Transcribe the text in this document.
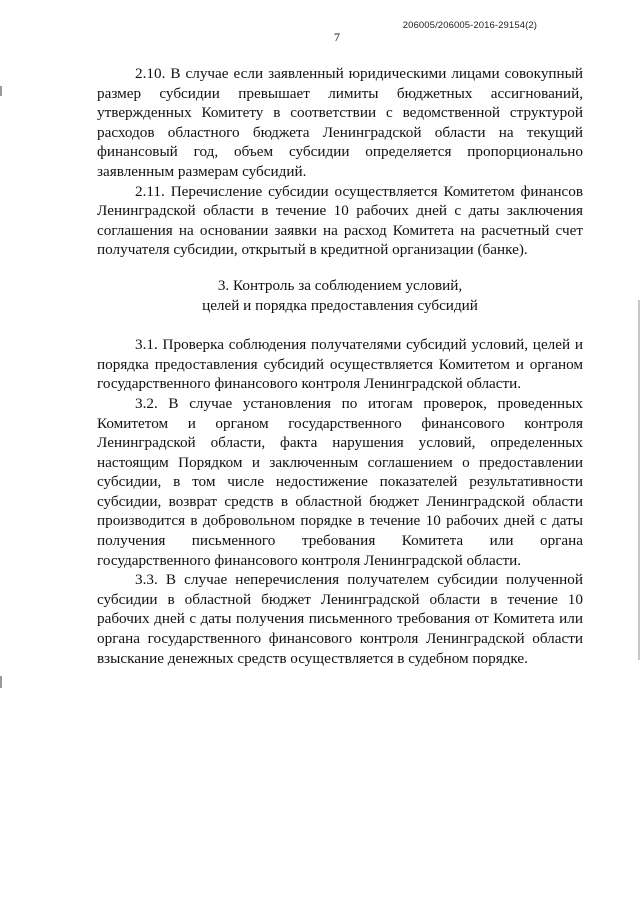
206005/206005-2016-29154(2)
7

2.10. В случае если заявленный юридическими лицами совокупный размер субсидии превышает лимиты бюджетных ассигнований, утвержденных Комитету в соответствии с ведомственной структурой расходов областного бюджета Ленинградской области на текущий финансовый год, объем субсидии определяется пропорционально заявленным размерам субсидий.

2.11. Перечисление субсидии осуществляется Комитетом финансов Ленинградской области в течение 10 рабочих дней с даты заключения соглашения на основании заявки на расход Комитета на расчетный счет получателя субсидии, открытый в кредитной организации (банке).

3. Контроль за соблюдением условий,
целей и порядка предоставления субсидий

3.1. Проверка соблюдения получателями субсидий условий, целей и порядка предоставления субсидий осуществляется Комитетом и органом государственного финансового контроля Ленинградской области.

3.2. В случае установления по итогам проверок, проведенных Комитетом и органом государственного финансового контроля Ленинградской области, факта нарушения условий, определенных настоящим Порядком и заключенным соглашением о предоставлении субсидии, в том числе недостижение показателей результативности субсидии, возврат средств в областной бюджет Ленинградской области производится в добровольном порядке в течение 10 рабочих дней с даты получения письменного требования Комитета или органа государственного финансового контроля Ленинградской области.

3.3. В случае неперечисления получателем субсидии полученной субсидии в областной бюджет Ленинградской области в течение 10 рабочих дней с даты получения письменного требования от Комитета или органа государственного финансового контроля Ленинградской области взыскание денежных средств осуществляется в судебном порядке.
